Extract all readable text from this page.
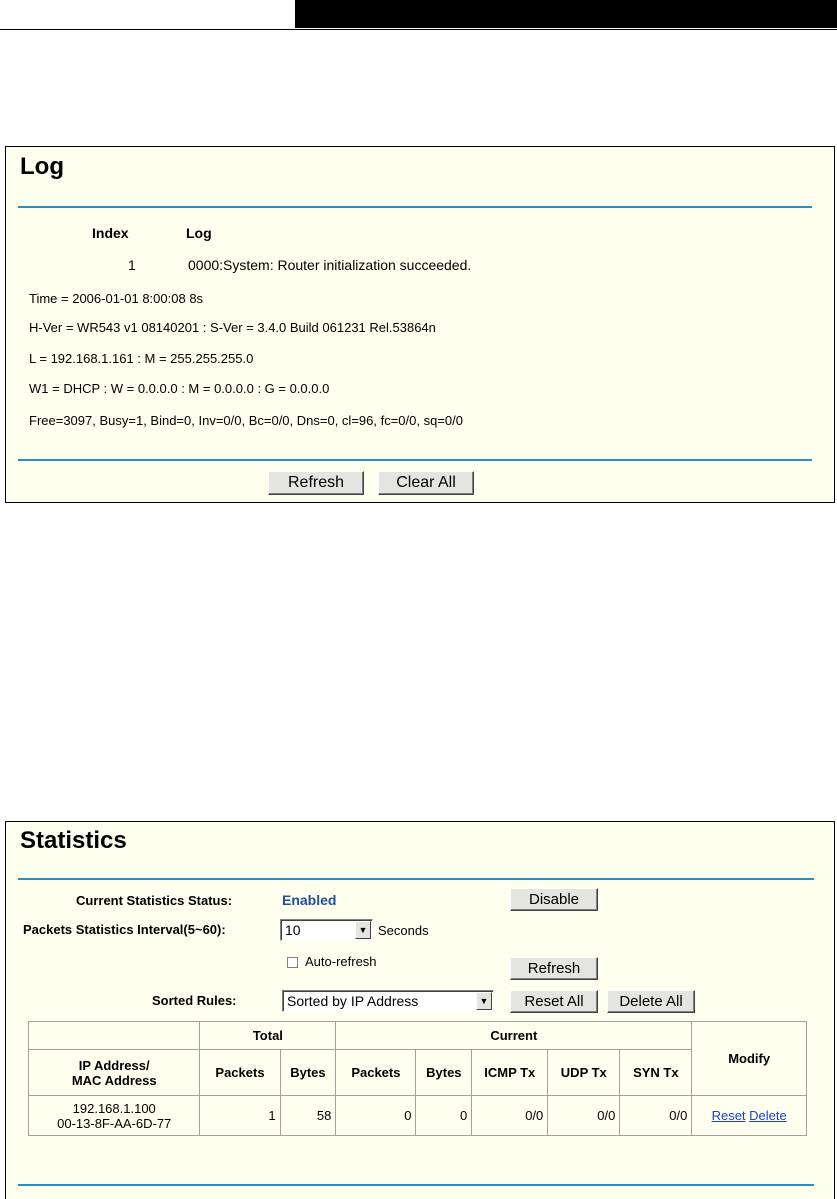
Log
Index	Log
1	0000:System: Router initialization succeeded.
Time = 2006-01-01 8:00:08 8s
H-Ver = WR543 v1 08140201 : S-Ver = 3.4.0 Build 061231 Rel.53864n
L = 192.168.1.161 : M = 255.255.255.0
W1 = DHCP : W = 0.0.0.0 : M = 0.0.0.0 : G = 0.0.0.0
Free=3097, Busy=1, Bind=0, Inv=0/0, Bc=0/0, Dns=0, cl=96, fc=0/0, sq=0/0
Refresh	Clear All
Statistics
Current Statistics Status:	Enabled	Disable
Packets Statistics Interval(5~60):	10	▼ Seconds
Auto-refresh	Refresh
Sorted Rules:	Sorted by IP Address	▼	Reset All	Delete All
	Total		Current					Modify

IP Address/
MAC Address	Packets	Bytes	Packets	Bytes	ICMP Tx	UDP Tx	SYN Tx	

192.168.1.100
00-13-8F-AA-6D-77	1	58	0	0	0/0	0/0	0/0	Reset Delete
